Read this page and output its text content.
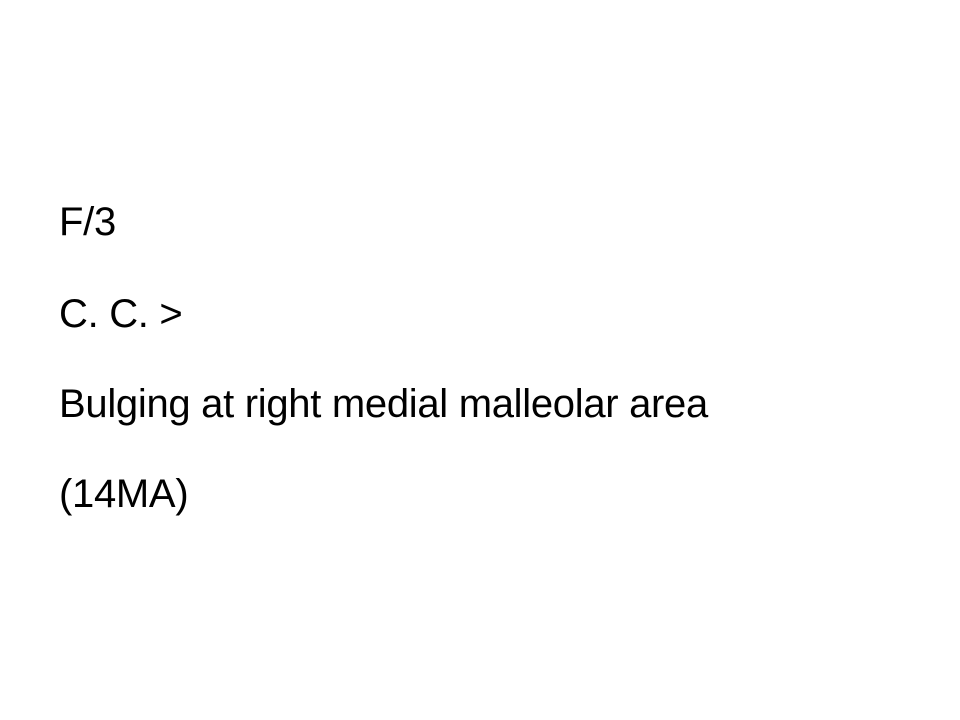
F/3
C. C. >
Bulging at right medial malleolar area
(14MA)
